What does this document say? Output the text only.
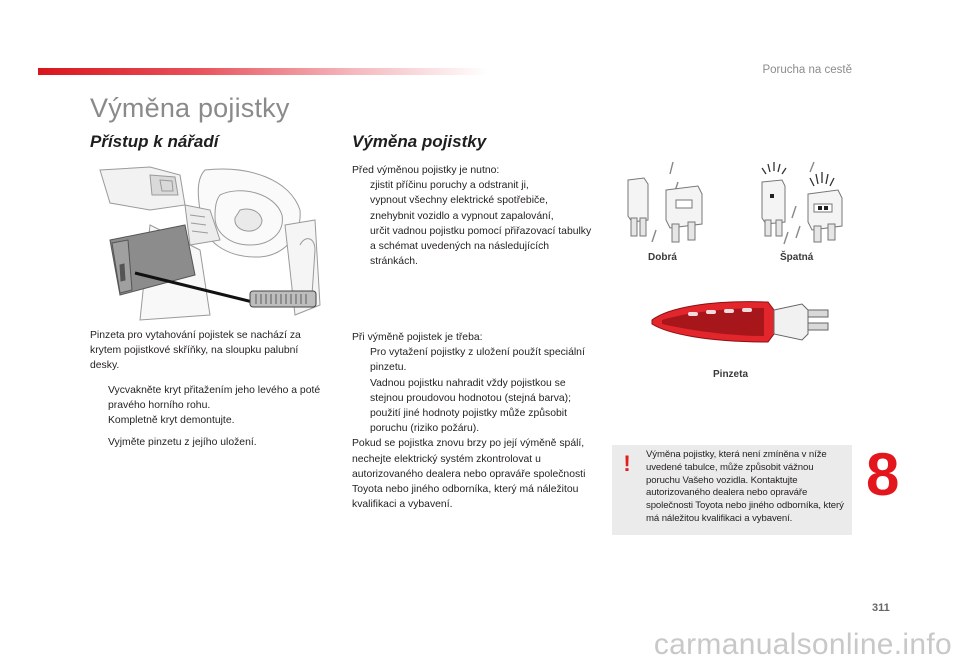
Porucha na cestě
Výměna pojistky
Přístup k nářadí

Pinzeta pro vytahování pojistek se nachází za krytem pojistkové skříňky, na sloupku palubní desky.

Vycvakněte kryt přitažením jeho levého a poté pravého horního rohu.
Kompletně kryt demontujte.
Vyjměte pinzetu z jejího uložení.
Výměna pojistky

Před výměnou pojistky je nutno:

zjistit příčinu poruchy a odstranit ji,
vypnout všechny elektrické spotřebiče,
znehybnit vozidlo a vypnout zapalování,
určit vadnou pojistku pomocí přiřazovací tabulky a schémat uvedených na následujících stránkách.

Při výměně pojistek je třeba:

Pro vytažení pojistky z uložení použít speciální pinzetu.
Vadnou pojistku nahradit vždy pojistkou se stejnou proudovou hodnotou (stejná barva); použití jiné hodnoty pojistky může způsobit poruchu (riziko požáru).

Pokud se pojistka znovu brzy po její výměně spálí, nechejte elektrický systém zkontrolovat u autorizovaného dealera nebo opraváře společnosti Toyota nebo jiného odborníka, který má náležitou kvalifikaci a vybavení.

Dobrá	Špatná
Pinzeta
!	Výměna pojistky, která není zmíněna v níže uvedené tabulce, může způsobit vážnou poruchu Vašeho vozidla. Kontaktujte autorizovaného dealera nebo opraváře společnosti Toyota nebo jiného odborníka, který má náležitou kvalifikaci a vybavení.
8
311
carmanualsonline.info
